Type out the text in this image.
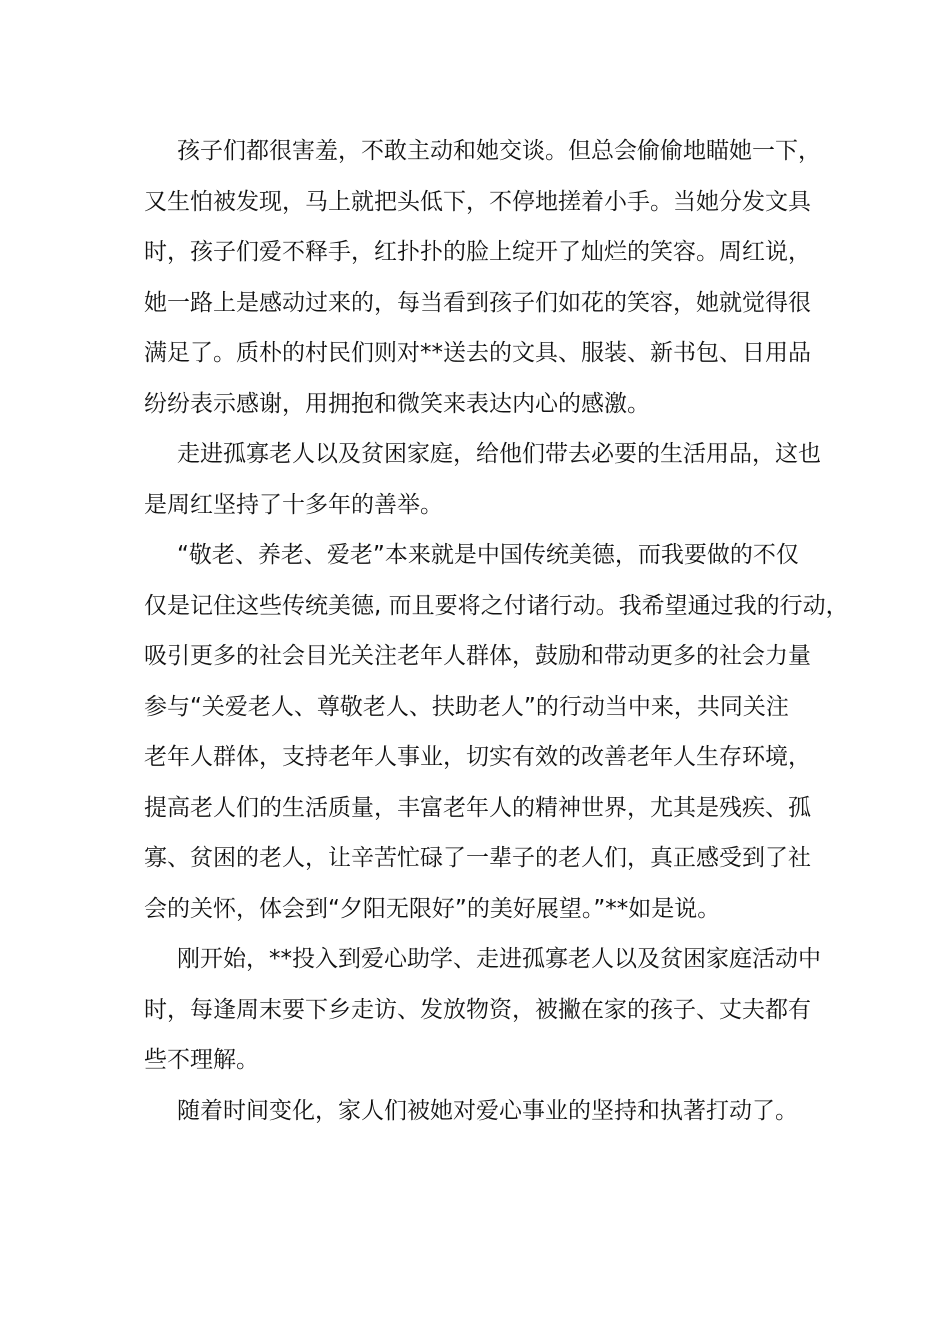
孩子们都很害羞，不敢主动和她交谈。但总会偷偷地瞄她一下，
又生怕被发现，马上就把头低下，不停地搓着小手。当她分发文具
时，孩子们爱不释手，红扑扑的脸上绽开了灿烂的笑容。周红说，
她一路上是感动过来的，每当看到孩子们如花的笑容，她就觉得很
满足了。质朴的村民们则对**送去的文具、服装、新书包、日用品
纷纷表示感谢，用拥抱和微笑来表达内心的感激。

走进孤寡老人以及贫困家庭，给他们带去必要的生活用品，这也
是周红坚持了十多年的善举。

“敬老、养老、爱老”本来就是中国传统美德，而我要做的不仅
仅是记住这些传统美德, 而且要将之付诸行动。我希望通过我的行动，
吸引更多的社会目光关注老年人群体，鼓励和带动更多的社会力量
参与“关爱老人、尊敬老人、扶助老人”的行动当中来，共同关注
老年人群体，支持老年人事业，切实有效的改善老年人生存环境，
提高老人们的生活质量，丰富老年人的精神世界，尤其是残疾、孤
寡、贫困的老人，让辛苦忙碌了一辈子的老人们，真正感受到了社
会的关怀，体会到“夕阳无限好”的美好展望。”**如是说。

刚开始，**投入到爱心助学、走进孤寡老人以及贫困家庭活动中
时，每逢周末要下乡走访、发放物资，被撇在家的孩子、丈夫都有
些不理解。

随着时间变化，家人们被她对爱心事业的坚持和执著打动了。
